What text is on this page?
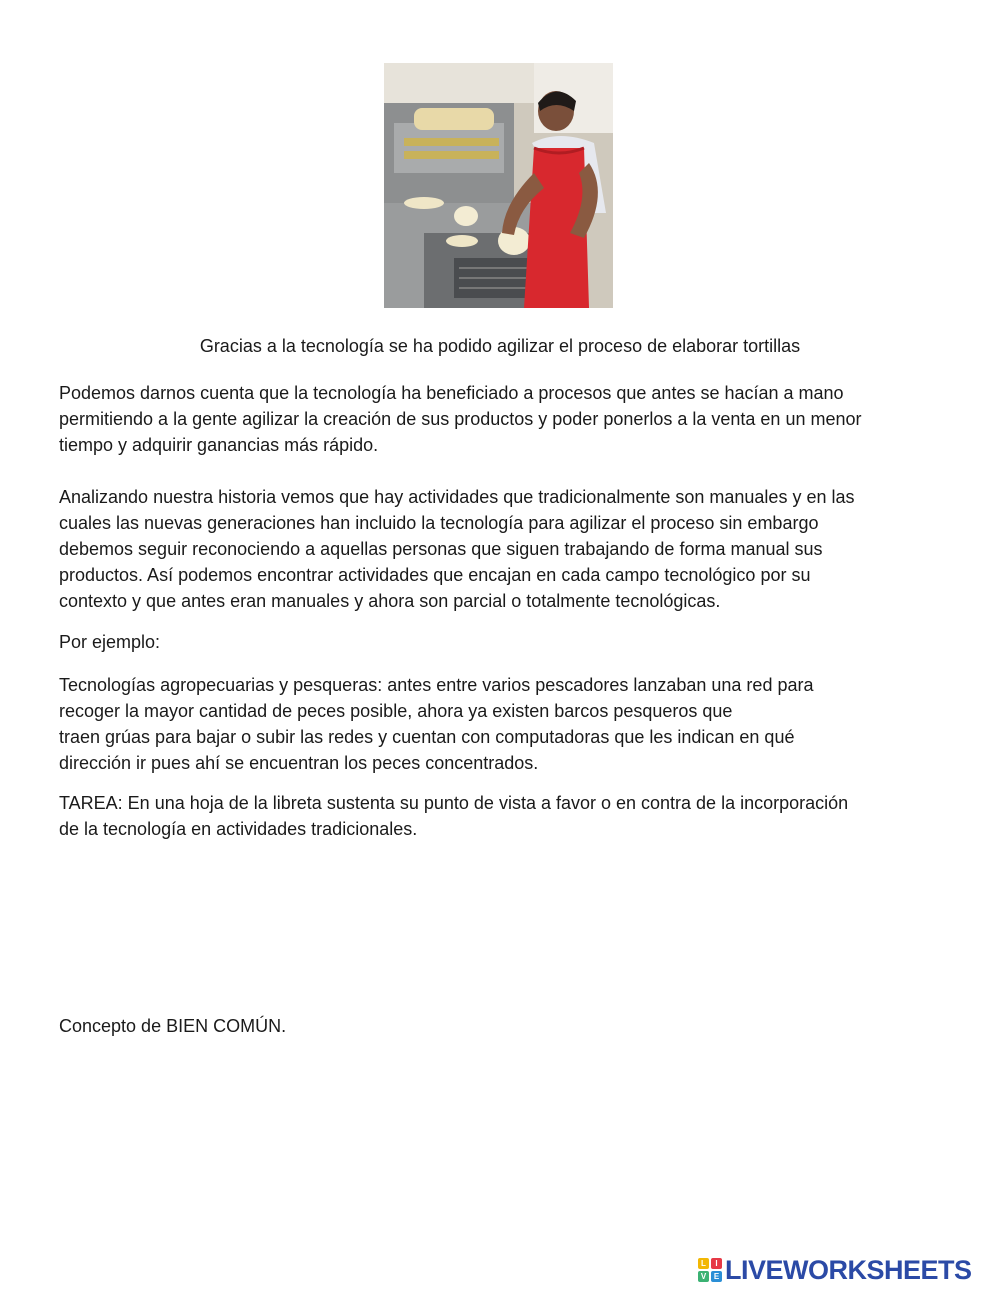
Gracias a la tecnología se ha podido agilizar el proceso de elaborar tortillas

Podemos darnos cuenta que la tecnología ha beneficiado a procesos que antes se hacían a mano
permitiendo a la gente agilizar la creación de sus productos y poder ponerlos a la venta en un menor
tiempo y adquirir ganancias más rápido.
Analizando nuestra historia vemos que hay actividades que tradicionalmente son manuales y en las
cuales las nuevas generaciones han incluido la tecnología para agilizar el proceso sin embargo
debemos seguir reconociendo a aquellas personas que siguen trabajando de forma manual sus
productos. Así podemos encontrar actividades que encajan en cada campo tecnológico por su
contexto y que antes eran manuales y ahora son parcial o totalmente tecnológicas.
Por ejemplo:
Tecnologías agropecuarias y pesqueras: antes entre varios pescadores lanzaban una red para
recoger la mayor cantidad de peces posible, ahora ya existen barcos pesqueros que
traen grúas para bajar o subir las redes y cuentan con computadoras que les indican en qué
dirección ir pues ahí se encuentran los peces concentrados.
TAREA: En una hoja de la libreta sustenta su punto de vista a favor o en contra de la incorporación
de la tecnología en actividades tradicionales.
Concepto de BIEN COMÚN.
L	I
V E LIVEWORKSHEETS
